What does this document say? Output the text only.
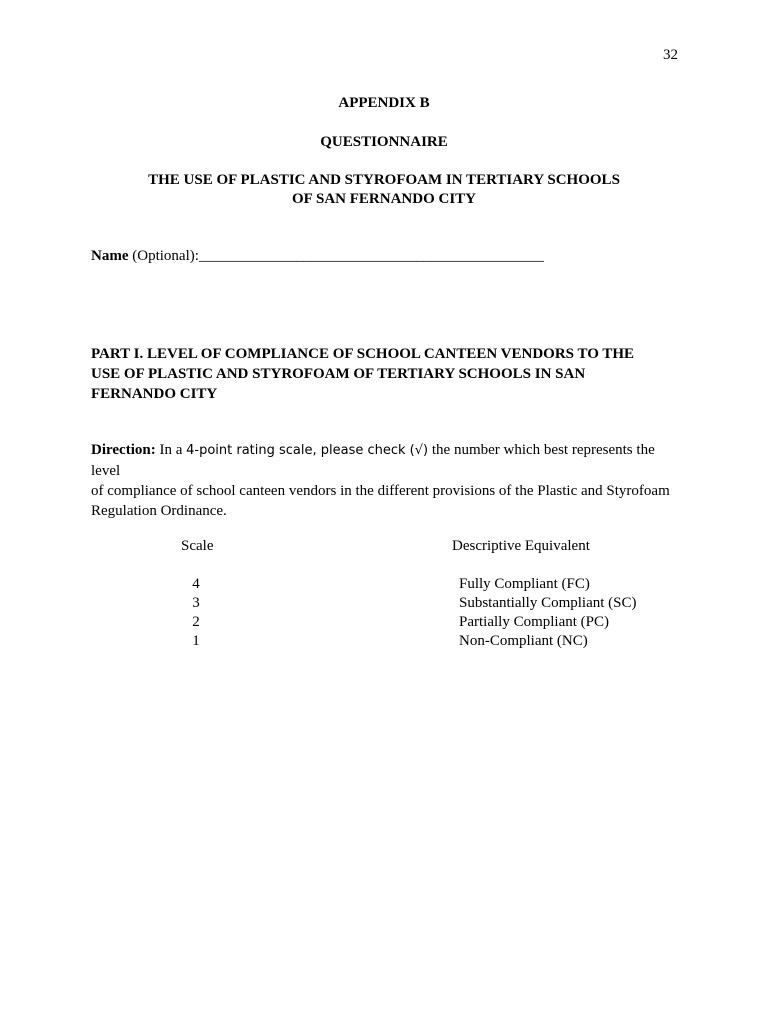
32
APPENDIX B
QUESTIONNAIRE
THE USE OF PLASTIC AND STYROFOAM IN TERTIARY SCHOOLS
OF SAN FERNANDO CITY
Name (Optional):______________________________________________
PART I. LEVEL OF COMPLIANCE OF SCHOOL CANTEEN VENDORS TO THE
USE OF PLASTIC AND STYROFOAM OF TERTIARY SCHOOLS IN SAN
FERNANDO CITY
Direction: In a 4-point rating scale, please check (√) the number which best represents the level
of compliance of school canteen vendors in the different provisions of the Plastic and Styrofoam
Regulation Ordinance.
Scale	Descriptive Equivalent
4
3
2
1
Fully Compliant (FC)
Substantially Compliant (SC)
Partially Compliant (PC)
Non-Compliant (NC)
